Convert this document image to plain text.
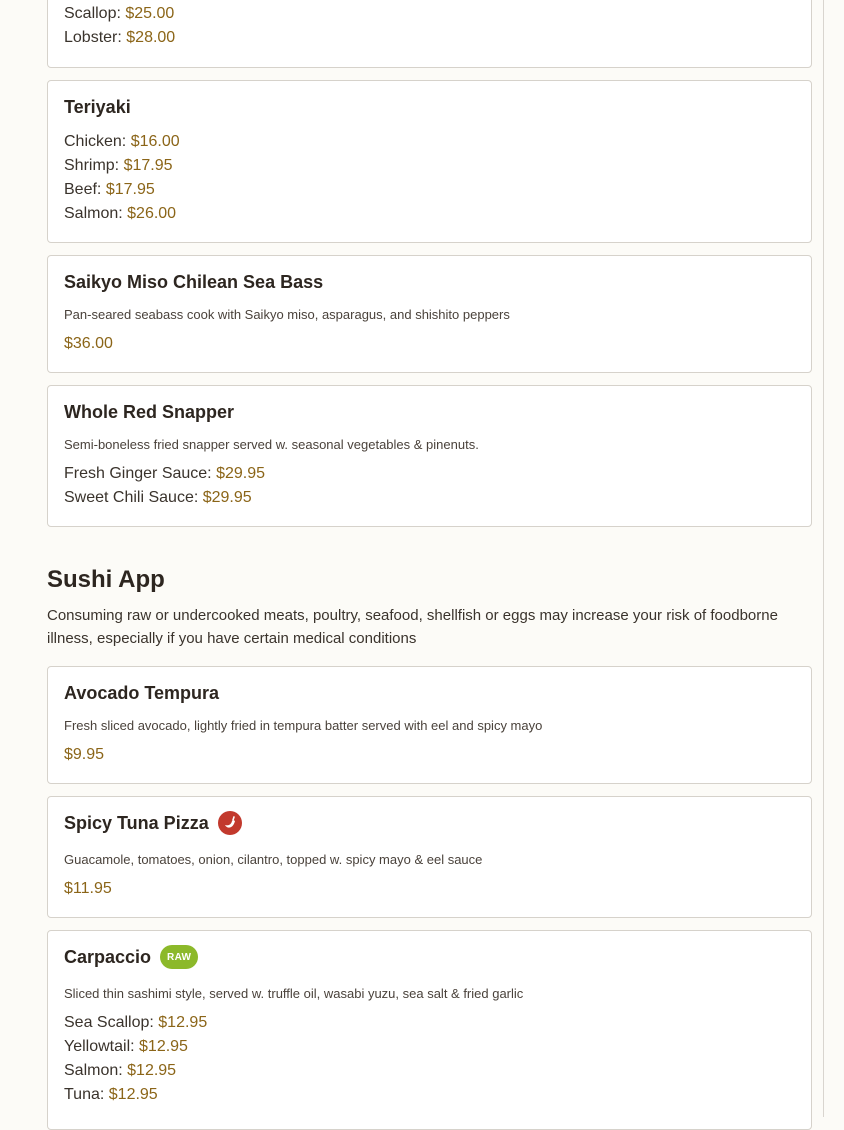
Scallop: $25.00
Lobster: $28.00
Teriyaki
Chicken: $16.00
Shrimp: $17.95
Beef: $17.95
Salmon: $26.00
Saikyo Miso Chilean Sea Bass
Pan-seared seabass cook with Saikyo miso, asparagus, and shishito peppers
$36.00
Whole Red Snapper
Semi-boneless fried snapper served w. seasonal vegetables & pinenuts.
Fresh Ginger Sauce: $29.95
Sweet Chili Sauce: $29.95
Sushi App
Consuming raw or undercooked meats, poultry, seafood, shellfish or eggs may increase your risk of foodborne illness, especially if you have certain medical conditions
Avocado Tempura
Fresh sliced avocado, lightly fried in tempura batter served with eel and spicy mayo
$9.95
Spicy Tuna Pizza
Guacamole, tomatoes, onion, cilantro, topped w. spicy mayo & eel sauce
$11.95
Carpaccio	RAW
Sliced thin sashimi style, served w. truffle oil, wasabi yuzu, sea salt & fried garlic
Sea Scallop: $12.95
Yellowtail: $12.95
Salmon: $12.95
Tuna: $12.95
